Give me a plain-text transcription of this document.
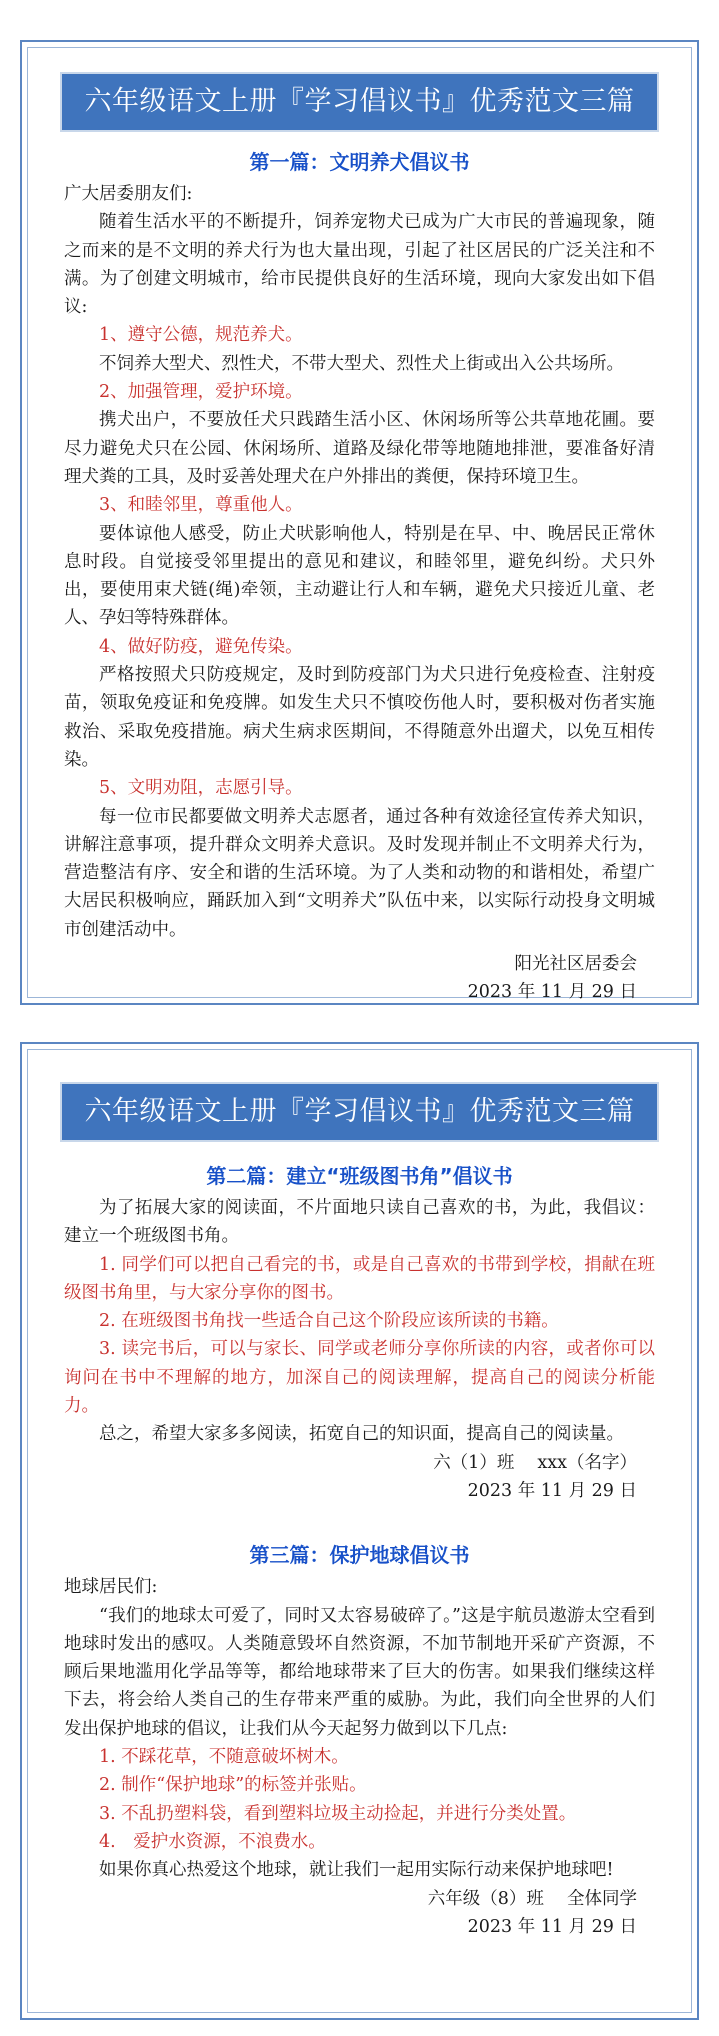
六年级语文上册『学习倡议书』优秀范文三篇
第一篇：文明养犬倡议书

广大居委朋友们:

随着生活水平的不断提升，饲养宠物犬已成为广大市民的普遍现象，随之而来的是不文明的养犬行为也大量出现，引起了社区居民的广泛关注和不满。为了创建文明城市，给市民提供良好的生活环境，现向大家发出如下倡议:

1、遵守公德，规范养犬。

不饲养大型犬、烈性犬，不带大型犬、烈性犬上街或出入公共场所。

2、加强管理，爱护环境。

携犬出户，不要放任犬只践踏生活小区、休闲场所等公共草地花圃。要尽力避免犬只在公园、休闲场所、道路及绿化带等地随地排泄，要准备好清理犬粪的工具，及时妥善处理犬在户外排出的粪便，保持环境卫生。

3、和睦邻里，尊重他人。

要体谅他人感受，防止犬吠影响他人，特别是在早、中、晚居民正常休息时段。自觉接受邻里提出的意见和建议，和睦邻里，避免纠纷。犬只外出，要使用束犬链(绳)牵领，主动避让行人和车辆，避免犬只接近儿童、老人、孕妇等特殊群体。

4、做好防疫，避免传染。

严格按照犬只防疫规定，及时到防疫部门为犬只进行免疫检查、注射疫苗，领取免疫证和免疫牌。如发生犬只不慎咬伤他人时，要积极对伤者实施救治、采取免疫措施。病犬生病求医期间，不得随意外出遛犬，以免互相传染。

5、文明劝阻，志愿引导。

每一位市民都要做文明养犬志愿者，通过各种有效途径宣传养犬知识，讲解注意事项，提升群众文明养犬意识。及时发现并制止不文明养犬行为，营造整洁有序、安全和谐的生活环境。为了人类和动物的和谐相处，希望广大居民积极响应，踊跃加入到“文明养犬”队伍中来，以实际行动投身文明城市创建活动中。

阳光社区居委会

2023 年 11 月 29 日

六年级语文上册『学习倡议书』优秀范文三篇
第二篇：建立“班级图书角”倡议书

为了拓展大家的阅读面，不片面地只读自己喜欢的书，为此，我倡议：建立一个班级图书角。

1. 同学们可以把自己看完的书，或是自己喜欢的书带到学校，捐献在班级图书角里，与大家分享你的图书。

2. 在班级图书角找一些适合自己这个阶段应该所读的书籍。

3. 读完书后，可以与家长、同学或老师分享你所读的内容，或者你可以询问在书中不理解的地方，加深自己的阅读理解，提高自己的阅读分析能力。

总之，希望大家多多阅读，拓宽自己的知识面，提高自己的阅读量。

六（1）班　 xxx（名字）

2023 年 11 月 29 日

第三篇：保护地球倡议书

地球居民们:

“我们的地球太可爱了，同时又太容易破碎了。”这是宇航员遨游太空看到地球时发出的感叹。人类随意毁坏自然资源，不加节制地开采矿产资源，不顾后果地滥用化学品等等，都给地球带来了巨大的伤害。如果我们继续这样下去，将会给人类自己的生存带来严重的威胁。为此，我们向全世界的人们发出保护地球的倡议，让我们从今天起努力做到以下几点:

1. 不踩花草，不随意破坏树木。

2. 制作“保护地球”的标签并张贴。

3. 不乱扔塑料袋，看到塑料垃圾主动捡起，并进行分类处置。

4.　爱护水资源，不浪费水。

如果你真心热爱这个地球，就让我们一起用实际行动来保护地球吧!

六年级（8）班　 全体同学

2023 年 11 月 29 日
